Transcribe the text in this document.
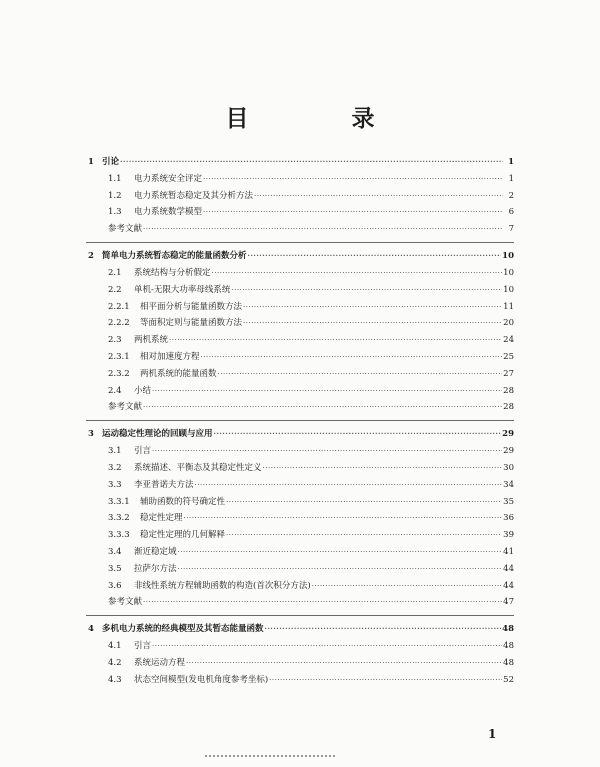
目　录
1 引论 ·····	1
1.1 电力系统安全评定 ·····	1
1.2 电力系统暂态稳定及其分析方法 ·····	2
1.3 电力系统数学模型 ·····	6
参考文献 ·····	7
2 简单电力系统暂态稳定的能量函数分析 ·····	10
2.1 系统结构与分析假定 ·····	10
2.2 单机-无限大功率母线系统 ·····	10
2.2.1 相平面分析与能量函数方法 ·····	11
2.2.2 等面积定则与能量函数方法 ·····	20
2.3 两机系统 ·····	24
2.3.1 相对加速度方程 ·····	25
2.3.2 两机系统的能量函数 ·····	27
2.4 小结 ·····	28
参考文献 ·····	28
3 运动稳定性理论的回顾与应用 ·····	29
3.1 引言 ·····	29
3.2 系统描述、平衡态及其稳定性定义 ·····	30
3.3 李亚普诺夫方法 ·····	34
3.3.1 辅助函数的符号确定性 ·····	35
3.3.2 稳定性定理 ·····	36
3.3.3 稳定性定理的几何解释 ·····	39
3.4 渐近稳定域 ·····	41
3.5 拉萨尔方法 ·····	44
3.6 非线性系统方程辅助函数的构造(首次积分方法) ·····	44
参考文献 ·····	47
4 多机电力系统的经典模型及其暂态能量函数 ·····	48
4.1 引言 ·····	48
4.2 系统运动方程 ·····	48
4.3 状态空间模型(发电机角度参考坐标) ·····	52
1
